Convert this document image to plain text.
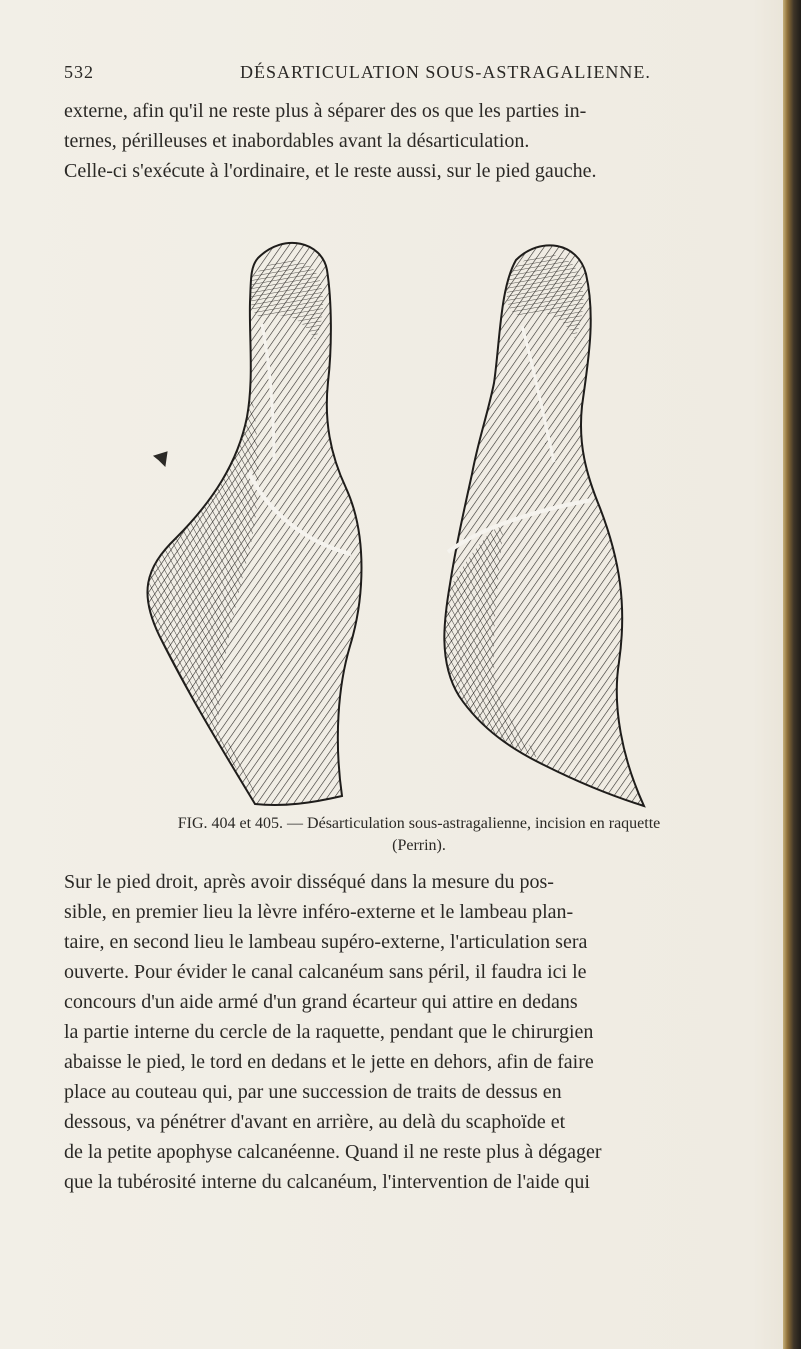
532	DÉSARTICULATION SOUS-ASTRAGALIENNE.
externe, afin qu'il ne reste plus à séparer des os que les parties in-
ternes, périlleuses et inabordables avant la désarticulation.
Celle-ci s'exécute à l'ordinaire, et le reste aussi, sur le pied gauche.
FIG. 404 et 405. — Désarticulation sous-astragalienne, incision en raquette
(Perrin).
Sur le pied droit, après avoir disséqué dans la mesure du pos-
sible, en premier lieu la lèvre inféro-externe et le lambeau plan-
taire, en second lieu le lambeau supéro-externe, l'articulation sera
ouverte. Pour évider le canal calcanéum sans péril, il faudra ici le
concours d'un aide armé d'un grand écarteur qui attire en dedans
la partie interne du cercle de la raquette, pendant que le chirurgien
abaisse le pied, le tord en dedans et le jette en dehors, afin de faire
place au couteau qui, par une succession de traits de dessus en
dessous, va pénétrer d'avant en arrière, au delà du scaphoïde et
de la petite apophyse calcanéenne. Quand il ne reste plus à dégager
que la tubérosité interne du calcanéum, l'intervention de l'aide qui
